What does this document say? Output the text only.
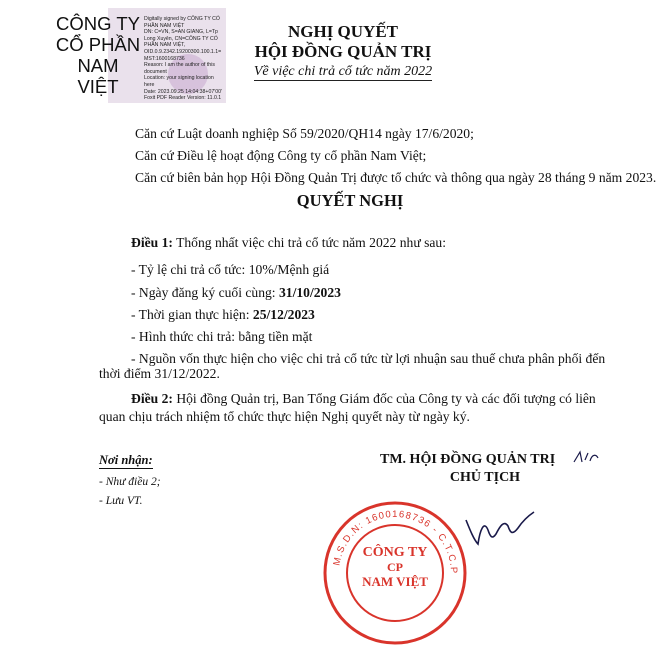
CÔNG TY
CỔ PHẦN
NAM
VIỆT
Digitally signed by CÔNG TY CỔ
PHẦN NAM VIỆT
DN: C=VN, S=AN GIANG, L=Tp
Long Xuyên, CN=CÔNG TY CỔ
PHẦN NAM VIỆT,
OID.0.9.2342.19200300.100.1.1=
MST:1600168736
Reason: I am the author of this
document
Location: your signing location
here
Date: 2023.09.25 14:04:38+07'00'
Foxit PDF Reader Version: 11.0.1
NGHỊ QUYẾT
HỘI ĐỒNG QUẢN TRỊ
Về việc chi trả cổ tức năm 2022
Căn cứ Luật doanh nghiệp Số 59/2020/QH14 ngày 17/6/2020;
Căn cứ Điều lệ hoạt động Công ty cổ phần Nam Việt;
Căn cứ biên bản họp Hội Đồng Quản Trị được tổ chức và thông qua ngày 28 tháng 9 năm 2023.
QUYẾT NGHỊ
Điều 1: Thống nhất việc chi trả cổ tức năm 2022 như sau:
- Tỷ lệ chi trả cổ tức: 10%/Mệnh giá
- Ngày đăng ký cuối cùng: 31/10/2023
- Thời gian thực hiện: 25/12/2023
- Hình thức chi trả: bằng tiền mặt
- Nguồn vốn thực hiện cho việc chi trả cổ tức từ lợi nhuận sau thuế chưa phân phối đến
thời điểm 31/12/2022.
Điều 2: Hội đồng Quản trị, Ban Tổng Giám đốc của Công ty và các đối tượng có liên
quan chịu trách nhiệm tổ chức thực hiện Nghị quyết này từ ngày ký.
Nơi nhận:
- Như điều 2;
- Lưu VT.
TM. HỘI ĐỒNG QUẢN TRỊ
CHỦ TỊCH
M.S.D.N: 1600168736 - C.T.C.P
CÔNG TY
CP
NAM VIỆT
